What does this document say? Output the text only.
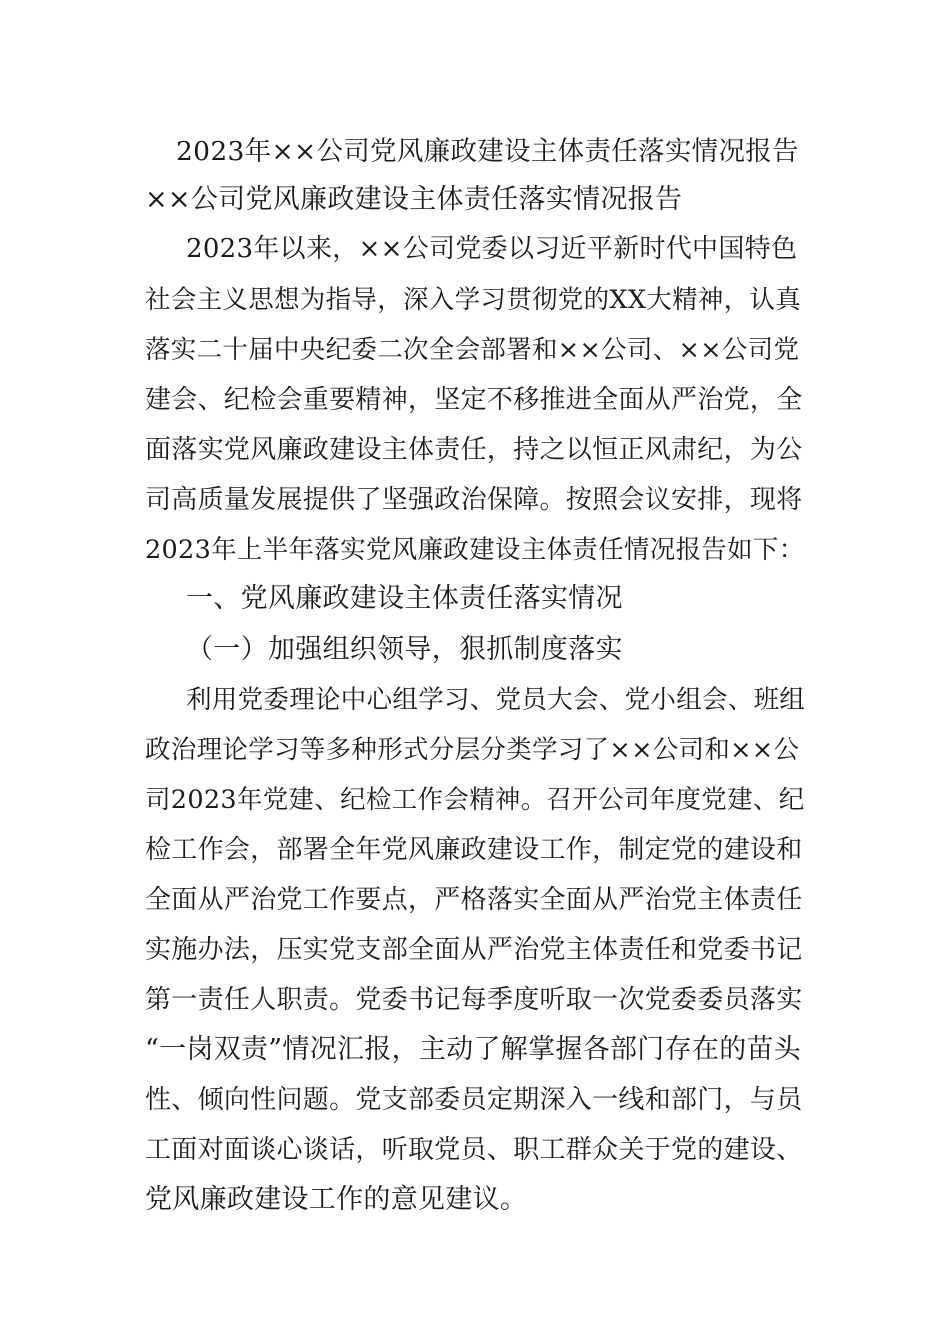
2023年××公司党风廉政建设主体责任落实情况报告
××公司党风廉政建设主体责任落实情况报告
2023年以来，××公司党委以习近平新时代中国特色
社会主义思想为指导，深入学习贯彻党的XX大精神，认真
落实二十届中央纪委二次全会部署和××公司、××公司党
建会、纪检会重要精神，坚定不移推进全面从严治党，全
面落实党风廉政建设主体责任，持之以恒正风肃纪，为公
司高质量发展提供了坚强政治保障。按照会议安排，现将
2023年上半年落实党风廉政建设主体责任情况报告如下：
一、党风廉政建设主体责任落实情况
（一）加强组织领导，狠抓制度落实
利用党委理论中心组学习、党员大会、党小组会、班组
政治理论学习等多种形式分层分类学习了××公司和××公
司2023年党建、纪检工作会精神。召开公司年度党建、纪
检工作会，部署全年党风廉政建设工作，制定党的建设和
全面从严治党工作要点，严格落实全面从严治党主体责任
实施办法，压实党支部全面从严治党主体责任和党委书记
第一责任人职责。党委书记每季度听取一次党委委员落实
“一岗双责”情况汇报，主动了解掌握各部门存在的苗头
性、倾向性问题。党支部委员定期深入一线和部门，与员
工面对面谈心谈话，听取党员、职工群众关于党的建设、
党风廉政建设工作的意见建议。
